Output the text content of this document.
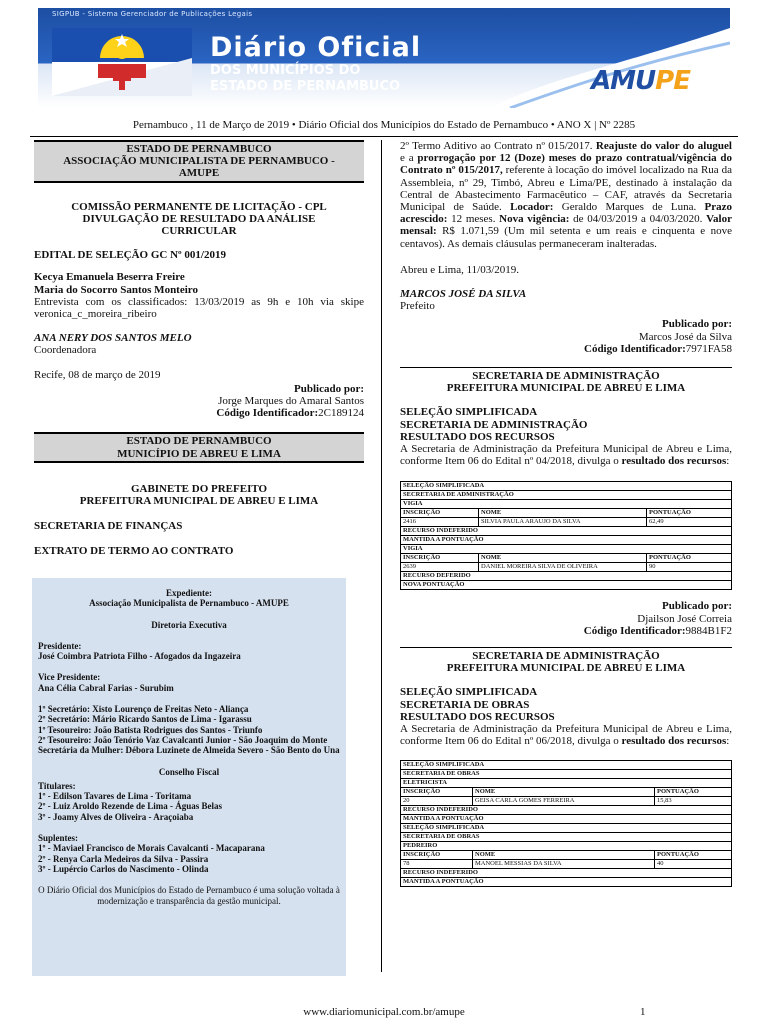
SIGPUB - Sistema Gerenciador de Publicações Legais
Diário Oficial
DOS MUNICÍPIOS DO
ESTADO DE PERNAMBUCO	AMUPE
Pernambuco , 11 de Março de 2019 • Diário Oficial dos Municípios do Estado de Pernambuco • ANO X | Nº 2285
ESTADO DE PERNAMBUCO
ASSOCIAÇÃO MUNICIPALISTA DE PERNAMBUCO -
AMUPE
COMISSÃO PERMANENTE DE LICITAÇÃO - CPL
DIVULGAÇÃO DE RESULTADO DA ANÁLISE
CURRICULAR

EDITAL DE SELEÇÃO GC Nº 001/2019

Kecya Emanuela Beserra Freire

Maria do Socorro Santos Monteiro

Entrevista com os classificados: 13/03/2019 as 9h e 10h via skipe veronica_c_moreira_ribeiro

ANA NERY DOS SANTOS MELO

Coordenadora

Recife, 08 de março de 2019

Publicado por:

Jorge Marques do Amaral Santos

Código Identificador:2C189124

ESTADO DE PERNAMBUCO
MUNICÍPIO DE ABREU E LIMA
GABINETE DO PREFEITO
PREFEITURA MUNICIPAL DE ABREU E LIMA

SECRETARIA DE FINANÇAS

EXTRATO DE TERMO AO CONTRATO

Expediente:

Associação Municipalista de Pernambuco - AMUPE

Diretoria Executiva

Presidente:

José Coimbra Patriota Filho - Afogados da Ingazeira

Vice Presidente:

Ana Célia Cabral Farias - Surubim

1º Secretário: Xisto Lourenço de Freitas Neto - Aliança

2º Secretário: Mário Ricardo Santos de Lima - Igarassu

1º Tesoureiro: João Batista Rodrigues dos Santos - Triunfo

2º Tesoureiro: João Tenório Vaz Cavalcanti Junior - São Joaquim do Monte

Secretária da Mulher: Débora Luzinete de Almeida Severo - São Bento do Una

Conselho Fiscal

Titulares:

1º - Edilson Tavares de Lima - Toritama

2º - Luiz Aroldo Rezende de Lima - Águas Belas

3º - Joamy Alves de Oliveira - Araçoiaba

Suplentes:

1º - Maviael Francisco de Morais Cavalcanti - Macaparana

2º - Renya Carla Medeiros da Silva - Passira

3º - Lupércio Carlos do Nascimento - Olinda

O Diário Oficial dos Municípios do Estado de Pernambuco é uma solução voltada à modernização e transparência da gestão municipal.

2º Termo Aditivo ao Contrato nº 015/2017. Reajuste do valor do aluguel e a prorrogação por 12 (Doze) meses do prazo contratual/vigência do Contrato nº 015/2017, referente à locação do imóvel localizado na Rua da Assembleia, nº 29, Timbó, Abreu e Lima/PE, destinado à instalação da Central de Abastecimento Farmacêutico – CAF, através da Secretaria Municipal de Saúde. Locador: Geraldo Marques de Luna. Prazo acrescido: 12 meses. Nova vigência: de 04/03/2019 a 04/03/2020. Valor mensal: R$ 1.071,59 (Um mil setenta e um reais e cinquenta e nove centavos). As demais cláusulas permaneceram inalteradas.

Abreu e Lima, 11/03/2019.

MARCOS JOSÉ DA SILVA

Prefeito

Publicado por:

Marcos José da Silva

Código Identificador:7971FA58

SECRETARIA DE ADMINISTRAÇÃO
PREFEITURA MUNICIPAL DE ABREU E LIMA
SELEÇÃO SIMPLIFICADA
SECRETARIA DE ADMINISTRAÇÃO
RESULTADO DOS RECURSOS

A Secretaria de Administração da Prefeitura Municipal de Abreu e Lima, conforme Item 06 do Edital nº 04/2018, divulga o resultado dos recursos:

SELEÇÃO SIMPLIFICADA		
SECRETARIA DE ADMINISTRAÇÃO		
VIGIA		
INSCRIÇÃO	NOME	PONTUAÇÃO
2416	SILVIA PAULA ARAUJO DA SILVA	62,49
RECURSO INDEFERIDO		
MANTIDA A PONTUAÇÃO		
VIGIA		
INSCRIÇÃO	NOME	PONTUAÇÃO
2639	DANIEL MOREIRA SILVA DE OLIVEIRA	90
RECURSO DEFERIDO		
NOVA PONTUAÇÃO		

Publicado por:

Djailson José Correia

Código Identificador:9884B1F2

SECRETARIA DE ADMINISTRAÇÃO
PREFEITURA MUNICIPAL DE ABREU E LIMA
SELEÇÃO SIMPLIFICADA
SECRETARIA DE OBRAS
RESULTADO DOS RECURSOS

A Secretaria de Administração da Prefeitura Municipal de Abreu e Lima, conforme Item 06 do Edital nº 06/2018, divulga o resultado dos recursos:

SELEÇÃO SIMPLIFICADA		
SECRETARIA DE OBRAS		
ELETRICISTA		
INSCRIÇÃO	NOME	PONTUAÇÃO
20	GEISA CARLA GOMES FERREIRA	15,83
RECURSO INDEFERIDO		
MANTIDA A PONTUAÇÃO		
SELEÇÃO SIMPLIFICADA		
SECRETARIA DE OBRAS		
PEDREIRO		
INSCRIÇÃO	NOME	PONTUAÇÃO
78	MANOEL MESSIAS DA SILVA	40
RECURSO INDEFERIDO		
MANTIDA A PONTUAÇÃO		
www.diariomunicipal.com.br/amupe	1
